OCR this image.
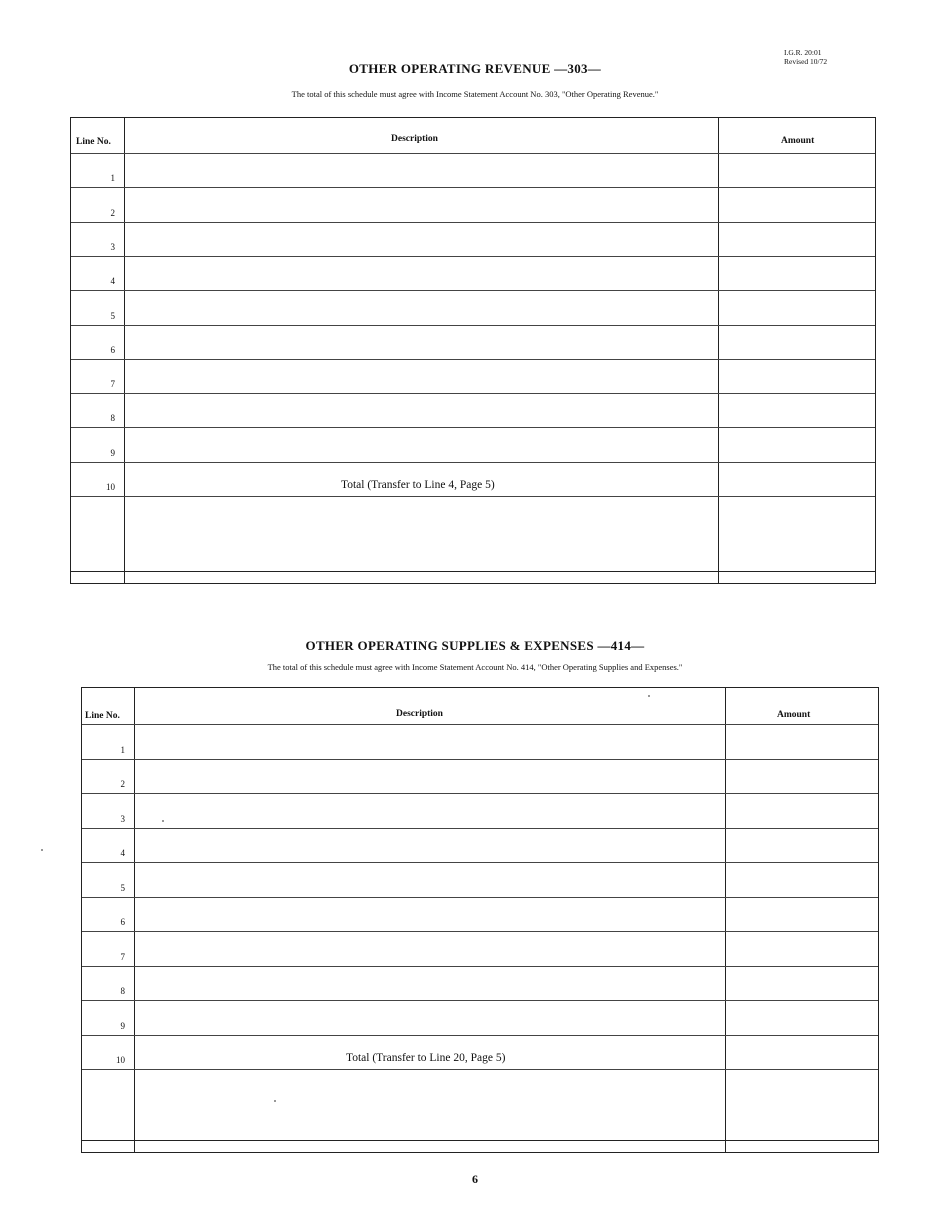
I.G.R. 20:01
Revised 10/72
OTHER OPERATING REVENUE —303—
The total of this schedule must agree with Income Statement Account No. 303, "Other Operating Revenue."
Line No.	Description	Amount
1
2
3
4
5
6
7
8
9
10	Total (Transfer to Line 4, Page 5)
OTHER OPERATING SUPPLIES & EXPENSES —414—
The total of this schedule must agree with Income Statement Account No. 414, "Other Operating Supplies and Expenses."
Line No.	Description	Amount
1
2
3
4
5
6
7
8
9
10	Total (Transfer to Line 20, Page 5)
6
